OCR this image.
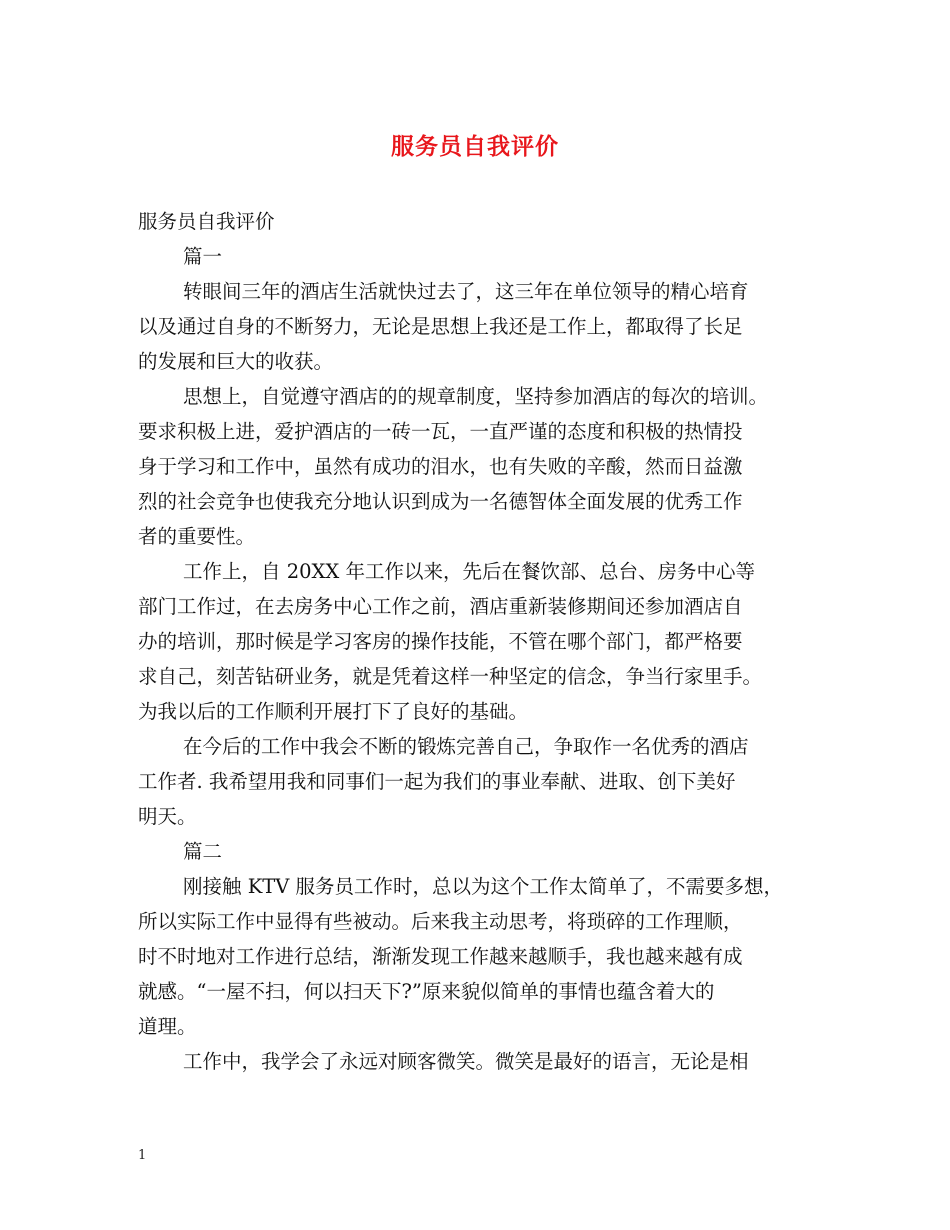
服务员自我评价
服务员自我评价
篇一
转眼间三年的酒店生活就快过去了，这三年在单位领导的精心培育
以及通过自身的不断努力，无论是思想上我还是工作上，都取得了长足
的发展和巨大的收获。
思想上，自觉遵守酒店的的规章制度，坚持参加酒店的每次的培训。
要求积极上进，爱护酒店的一砖一瓦，一直严谨的态度和积极的热情投
身于学习和工作中，虽然有成功的泪水，也有失败的辛酸，然而日益激
烈的社会竞争也使我充分地认识到成为一名德智体全面发展的优秀工作
者的重要性。
工作上，自 20XX 年工作以来，先后在餐饮部、总台、房务中心等
部门工作过，在去房务中心工作之前，酒店重新装修期间还参加酒店自
办的培训，那时候是学习客房的操作技能，不管在哪个部门，都严格要
求自己，刻苦钻研业务，就是凭着这样一种坚定的信念，争当行家里手。
为我以后的工作顺利开展打下了良好的基础。
在今后的工作中我会不断的锻炼完善自己，争取作一名优秀的酒店
工作者. 我希望用我和同事们一起为我们的事业奉献、进取、创下美好
明天。
篇二
刚接触 KTV 服务员工作时，总以为这个工作太简单了，不需要多想，
所以实际工作中显得有些被动。后来我主动思考，将琐碎的工作理顺，
时不时地对工作进行总结，渐渐发现工作越来越顺手，我也越来越有成
就感。“一屋不扫，何以扫天下?”原来貌似简单的事情也蕴含着大的
道理。
工作中，我学会了永远对顾客微笑。微笑是最好的语言，无论是相
1
